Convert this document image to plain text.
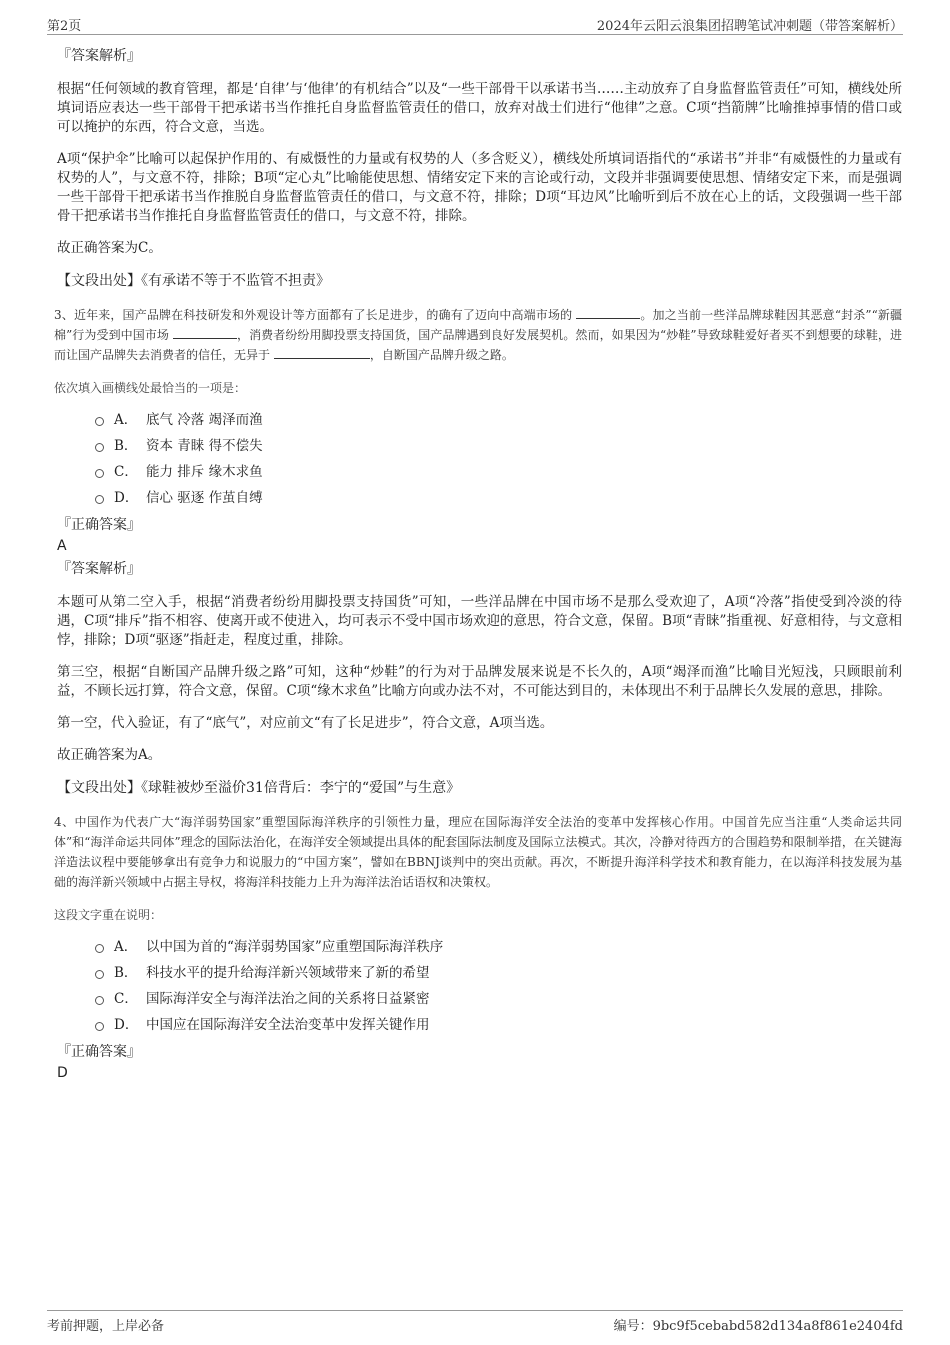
第2页	2024年云阳云浪集团招聘笔试冲刺题（带答案解析）
『答案解析』

根据“任何领域的教育管理，都是‘自律’与‘他律’的有机结合”以及“一些干部骨干以承诺书当……主动放弃了自身监督监管责任”可知，横线处所填词语应表达一些干部骨干把承诺书当作推托自身监督监管责任的借口，放弃对战士们进行“他律”之意。C项“挡箭牌”比喻推掉事情的借口或可以掩护的东西，符合文意，当选。

A项“保护伞”比喻可以起保护作用的、有威慑性的力量或有权势的人（多含贬义），横线处所填词语指代的“承诺书”并非“有威慑性的力量或有权势的人”，与文意不符，排除；B项“定心丸”比喻能使思想、情绪安定下来的言论或行动，文段并非强调要使思想、情绪安定下来，而是强调一些干部骨干把承诺书当作推脱自身监督监管责任的借口，与文意不符，排除；D项“耳边风”比喻听到后不放在心上的话，文段强调一些干部骨干把承诺书当作推托自身监督监管责任的借口，与文意不符，排除。

故正确答案为C。

【文段出处】《有承诺不等于不监管不担责》

3、近年来，国产品牌在科技研发和外观设计等方面都有了长足进步，的确有了迈向中高端市场的	。加之当前一些洋品牌球鞋因其恶意“封杀”“新疆棉”行为受到中国市场	，消费者纷纷用脚投票支持国货，国产品牌遇到良好发展契机。然而，如果因为“炒鞋”导致球鞋爱好者买不到想要的球鞋，进而让国产品牌失去消费者的信任，无异于	，自断国产品牌升级之路。

依次填入画横线处最恰当的一项是：

A． 底气 冷落 竭泽而渔
B． 资本 青睐 得不偿失
C． 能力 排斥 缘木求鱼
D． 信心 驱逐 作茧自缚
『正确答案』
A
『答案解析』

本题可从第二空入手，根据“消费者纷纷用脚投票支持国货”可知，一些洋品牌在中国市场不是那么受欢迎了，A项“冷落”指使受到冷淡的待遇，C项“排斥”指不相容、使离开或不使进入，均可表示不受中国市场欢迎的意思，符合文意，保留。B项“青睐”指重视、好意相待，与文意相悖，排除；D项“驱逐”指赶走，程度过重，排除。

第三空，根据“自断国产品牌升级之路”可知，这种“炒鞋”的行为对于品牌发展来说是不长久的，A项“竭泽而渔”比喻目光短浅，只顾眼前利益，不顾长远打算，符合文意，保留。C项“缘木求鱼”比喻方向或办法不对，不可能达到目的，未体现出不利于品牌长久发展的意思，排除。

第一空，代入验证，有了“底气”，对应前文“有了长足进步”，符合文意，A项当选。

故正确答案为A。

【文段出处】《球鞋被炒至溢价31倍背后：李宁的“爱国”与生意》

4、中国作为代表广大“海洋弱势国家”重塑国际海洋秩序的引领性力量，理应在国际海洋安全法治的变革中发挥核心作用。中国首先应当注重“人类命运共同体”和“海洋命运共同体”理念的国际法治化，在海洋安全领域提出具体的配套国际法制度及国际立法模式。其次，冷静对待西方的合围趋势和限制举措，在关键海洋造法议程中要能够拿出有竞争力和说服力的“中国方案”，譬如在BBNJ谈判中的突出贡献。再次，不断提升海洋科学技术和教育能力，在以海洋科技发展为基础的海洋新兴领域中占据主导权，将海洋科技能力上升为海洋法治话语权和决策权。

这段文字重在说明：

A． 以中国为首的“海洋弱势国家”应重塑国际海洋秩序
B． 科技水平的提升给海洋新兴领域带来了新的希望
C． 国际海洋安全与海洋法治之间的关系将日益紧密
D． 中国应在国际海洋安全法治变革中发挥关键作用
『正确答案』
D
考前押题，上岸必备	编号：9bc9f5cebabd582d134a8f861e2404fd
